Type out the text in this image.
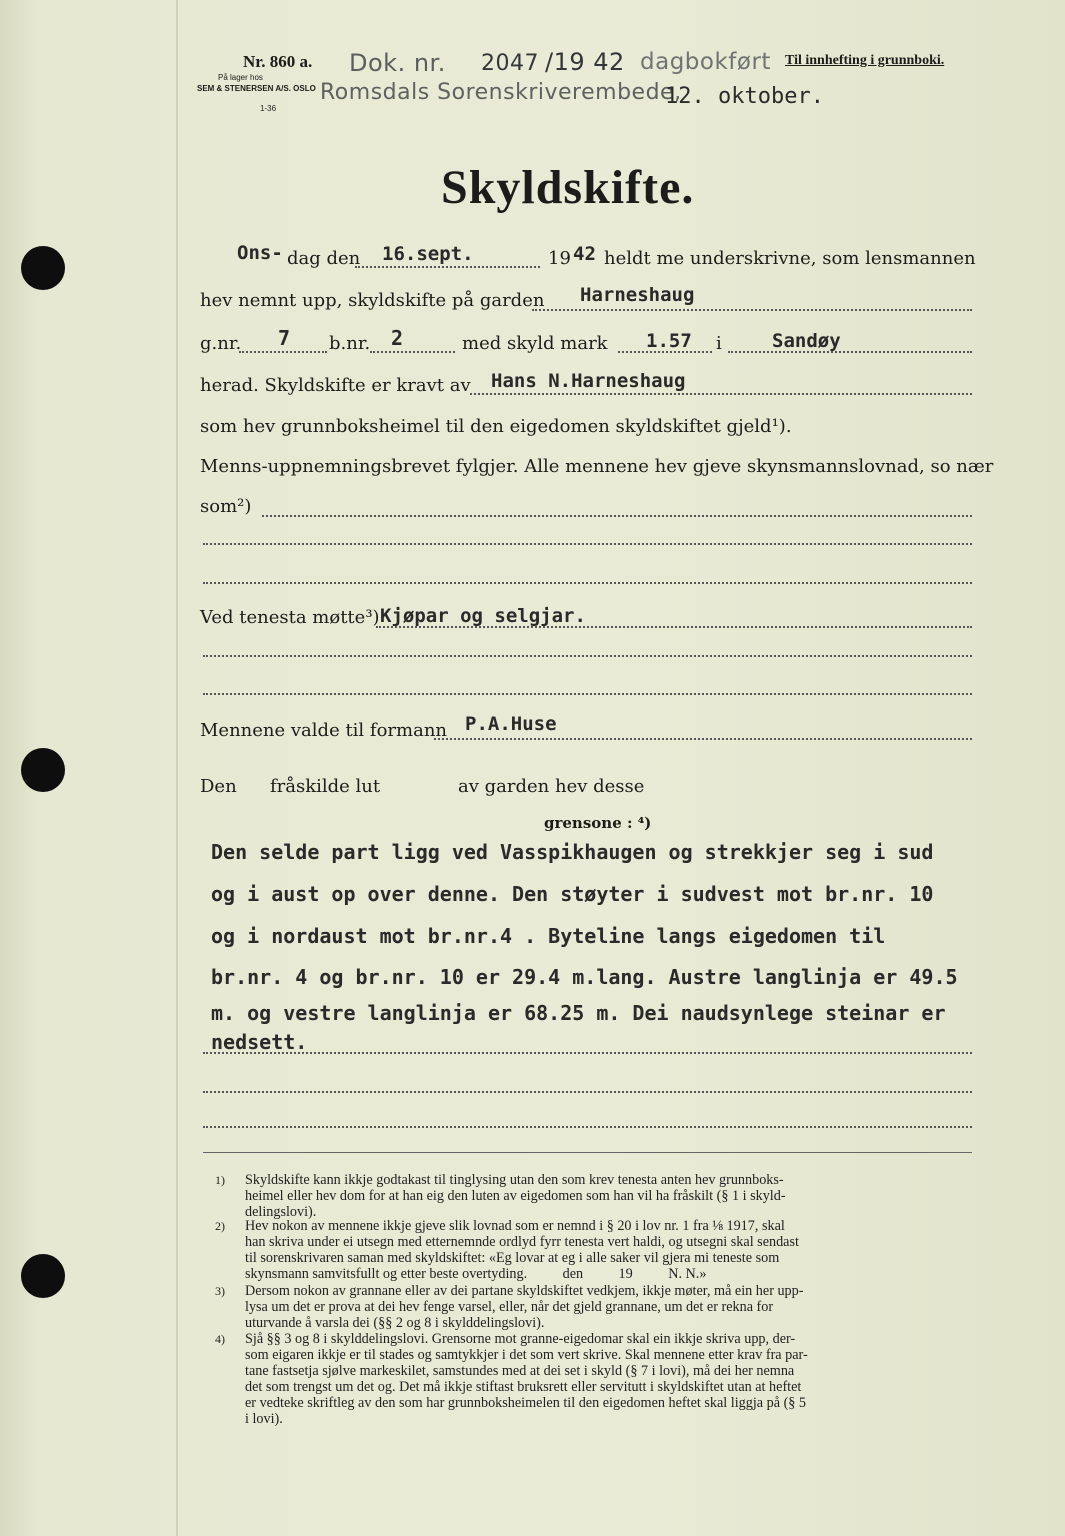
Nr. 860 a. Dok. nr. 2047 /19 42 dagbokført Til innhefting i grunnboki.
På lager hos
SEM & STENERSEN A/S. OSLO
1-36
Romsdals Sorenskriverembede,
12. oktober.
Skyldskifte.
Ons- dag den 16.sept.	19 42 heldt me underskrivne, som lensmannen
hev nemnt upp, skyldskifte på garden Harneshaug
g.nr. 7 b.nr. 2	med skyld mark 1.57 i	Sandøy
herad. Skyldskifte er kravt av Hans N.Harneshaug
som hev grunnboksheimel til den eigedomen skyldskiftet gjeld¹).
Menns-uppnemningsbrevet fylgjer. Alle mennene hev gjeve skynsmannslovnad, so nær
som²)
Ved tenesta møtte³) Kjøpar og selgjar.
Mennene valde til formann P.A.Huse
Den fråskilde lut	av garden hev desse
grensone : ⁴)
Den selde part ligg ved Vasspikhaugen og strekkjer seg i sud
og i aust op over denne. Den støyter i sudvest mot br.nr. 10
og i nordaust mot br.nr.4 . Byteline langs eigedomen til
br.nr. 4 og br.nr. 10 er 29.4 m.lang. Austre langlinja er 49.5
m. og vestre langlinja er 68.25 m. Dei naudsynlege steinar er
nedsett.
1) Skyldskifte kann ikkje godtakast til tinglysing utan den som krev tenesta anten hev grunnboks-
heimel eller hev dom for at han eig den luten av eigedomen som han vil ha fråskilt (§ 1 i skyld-
delingslovi).
2) Hev nokon av mennene ikkje gjeve slik lovnad som er nemnd i § 20 i lov nr. 1 fra ⅛ 1917, skal
han skriva under ei utsegn med etternemnde ordlyd fyrr tenesta vert haldi, og utsegni skal sendast
til sorenskrivaren saman med skyldskiftet: «Eg lovar at eg i alle saker vil gjera mi teneste som
skynsmann samvitsfullt og etter beste overtyding.          den          19          N. N.»
3) Dersom nokon av grannane eller av dei partane skyldskiftet vedkjem, ikkje møter, må ein her upp-
lysa um det er prova at dei hev fenge varsel, eller, når det gjeld grannane, um det er rekna for
uturvande å varsla dei (§§ 2 og 8 i skylddelingslovi).
4) Sjå §§ 3 og 8 i skylddelingslovi. Grensorne mot granne-eigedomar skal ein ikkje skriva upp, der-
som eigaren ikkje er til stades og samtykkjer i det som vert skrive. Skal mennene etter krav fra par-
tane fastsetja sjølve markeskilet, samstundes med at dei set i skyld (§ 7 i lovi), må dei her nemna
det som trengst um det og. Det må ikkje stiftast bruksrett eller servitutt i skyldskiftet utan at heftet
er vedteke skriftleg av den som har grunnboksheimelen til den eigedomen heftet skal liggja på (§ 5
i lovi).
